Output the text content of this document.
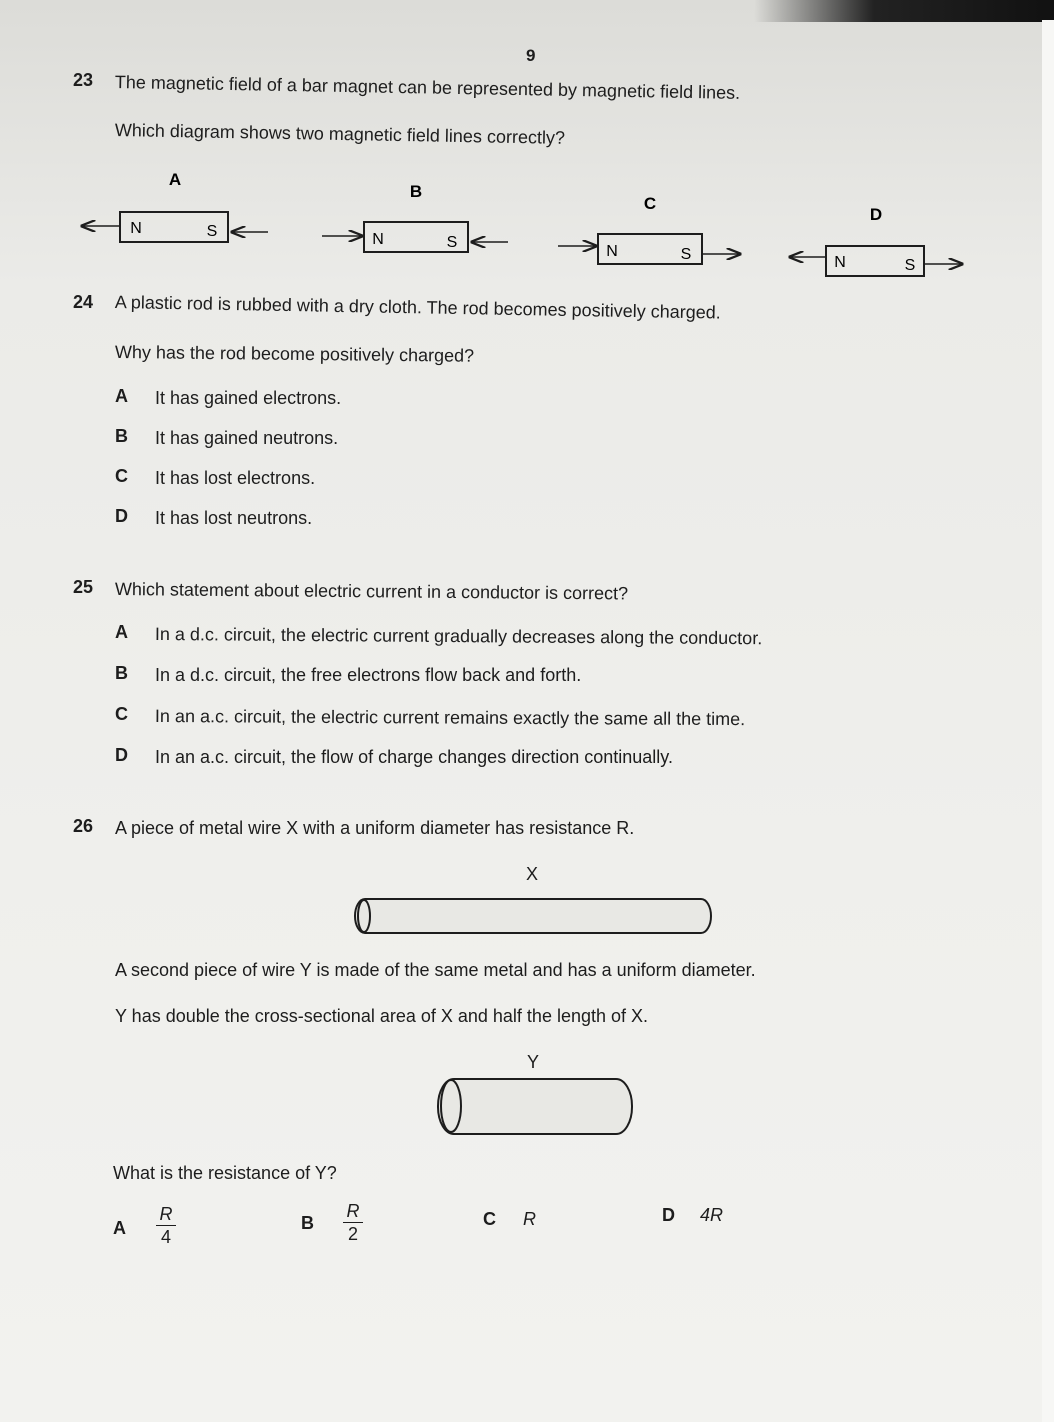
9
23 The magnetic field of a bar magnet can be represented by magnetic field lines.
Which diagram shows two magnetic field lines correctly?
A
N	S
B
N	S
C
N	S
D
N	S
24 A plastic rod is rubbed with a dry cloth. The rod becomes positively charged.
Why has the rod become positively charged?
A It has gained electrons.
B It has gained neutrons.
C It has lost electrons.
D It has lost neutrons.
25 Which statement about electric current in a conductor is correct?
A In a d.c. circuit, the electric current gradually decreases along the conductor.
B In a d.c. circuit, the free electrons flow back and forth.
C In an a.c. circuit, the electric current remains exactly the same all the time.
D In an a.c. circuit, the flow of charge changes direction continually.
26 A piece of metal wire X with a uniform diameter has resistance R.
X
A second piece of wire Y is made of the same metal and has a uniform diameter.
Y has double the cross-sectional area of X and half the length of X.
Y
What is the resistance of Y?
A $\frac{R}{4}$	B $\frac{R}{2}$	C R	D 4R
